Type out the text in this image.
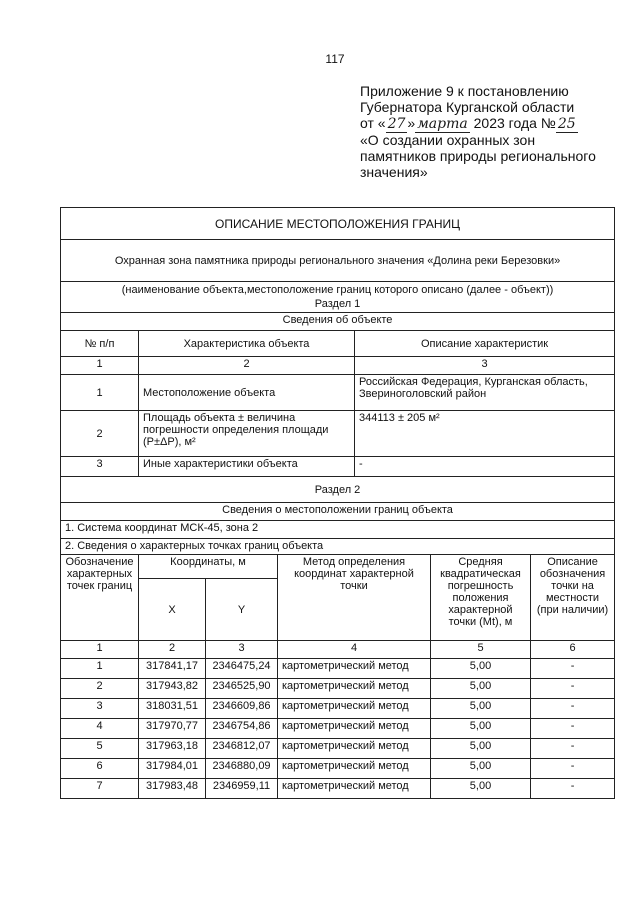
117
Приложение 9 к постановлению
Губернатора Курганской области
от « 27 » марта 2023 года № 25
«О создании охранных зон
памятников природы регионального
значения»
ОПИСАНИЕ МЕСТОПОЛОЖЕНИЯ ГРАНИЦ						
Охранная зона памятника природы регионального значения «Долина реки Березовки»						

(наименование объекта,местоположение границ которого описано (далее - объект))
Раздел 1						

Сведения об объекте						
№ п/п	Характеристика объекта			Описание характеристик		
1	2			3		
1	Местоположение объекта			Российская Федерация, Курганская область, Звериноголовский район		
2	Площадь объекта ± величина погрешности определения площади (P±ΔP), м²			344113 ± 205 м²		
3	Иные характеристики объекта			-		
Раздел 2						
Сведения о местоположении границ объекта						
1. Система координат МСК-45, зона 2						
2. Сведения о характерных точках границ объекта						
Обозначение характерных точек границ	Координаты, м		Метод определения координат характерной точки		Средняя квадратическая погрешность положения характерной точки (Mt), м	Описание обозначения точки на местности (при наличии)
	X	Y				
1	2	3	4		5	6
1	317841,17	2346475,24	картометрический метод		5,00	-
2	317943,82	2346525,90	картометрический метод		5,00	-
3	318031,51	2346609,86	картометрический метод		5,00	-
4	317970,77	2346754,86	картометрический метод		5,00	-
5	317963,18	2346812,07	картометрический метод		5,00	-
6	317984,01	2346880,09	картометрический метод		5,00	-
7	317983,48	2346959,11	картометрический метод		5,00	-
